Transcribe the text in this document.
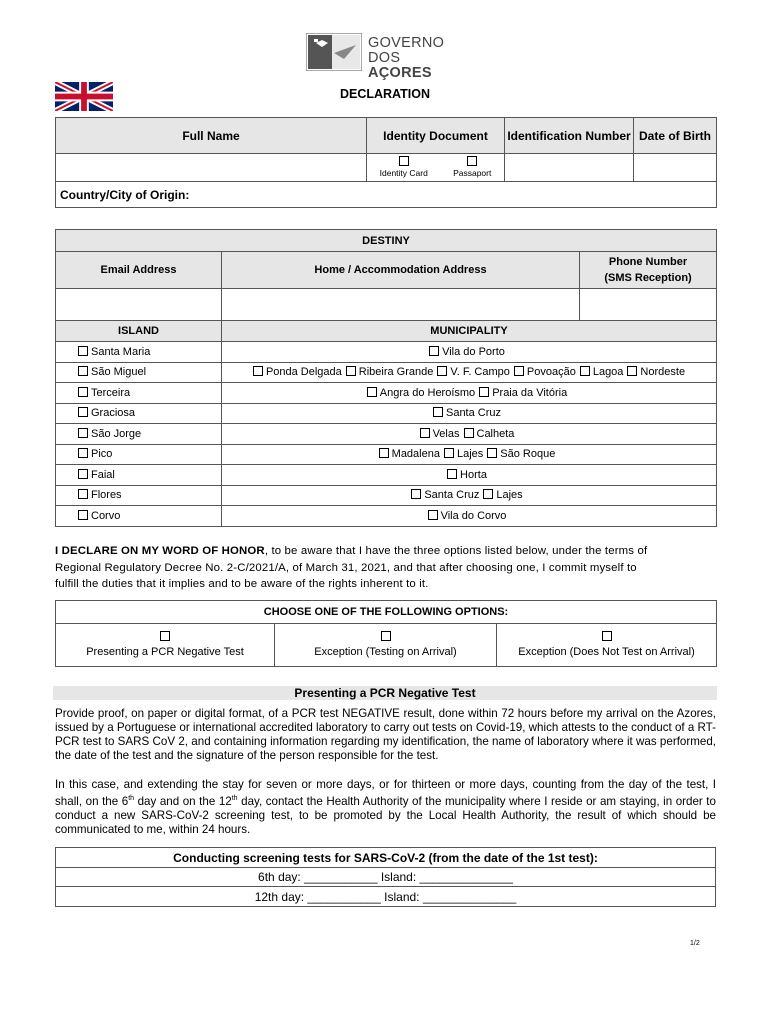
GOVERNO
DOS AÇORES
DECLARATION
Full Name	Identity Document	Identification Number	Date of Birth

Identity Card Passaport		

Country/City of Origin:			
DESTINY		
Email Address	Home / Accommodation Address	Phone Number
(SMS Reception)

ISLAND	MUNICIPALITY
Santa Maria	Vila do Porto
São Miguel	Ponda Delgada Ribeira Grande V. F. Campo Povoação Lagoa Nordeste
Terceira	Angra do Heroísmo Praia da Vitória
Graciosa	Santa Cruz
São Jorge	Velas Calheta
Pico	Madalena Lajes São Roque
Faial	Horta
Flores	Santa Cruz Lajes
Corvo	Vila do Corvo
I DECLARE ON MY WORD OF HONOR, to be aware that I have the three options listed below, under the terms of
Regional Regulatory Decree No. 2-C/2021/A, of March 31, 2021, and that after choosing one, I commit myself to
fulfill the duties that it implies and to be aware of the rights inherent to it.
CHOOSE ONE OF THE FOLLOWING OPTIONS:

Presenting a PCR Negative Test	Exception (Testing on Arrival)	Exception (Does Not Test on Arrival)
Presenting a PCR Negative Test
Provide proof, on paper or digital format, of a PCR test NEGATIVE result, done within 72 hours before my arrival on the Azores, issued by a Portuguese or international accredited laboratory to carry out tests on Covid-19, which attests to the conduct of a RT-PCR test to SARS CoV 2, and containing information regarding my identification, the name of laboratory where it was performed, the date of the test and the signature of the person responsible for the test.
In this case, and extending the stay for seven or more days, or for thirteen or more days, counting from the day of the test, I shall, on the 6th day and on the 12th day, contact the Health Authority of the municipality where I reside or am staying, in order to conduct a new SARS-CoV-2 screening test, to be promoted by the Local Health Authority, the result of which should be communicated to me, within 24 hours.
Conducting screening tests for SARS-CoV-2 (from the date of the 1st test):
6th day: ___________ Island: ______________
12th day: ___________ Island: ______________
1/2
